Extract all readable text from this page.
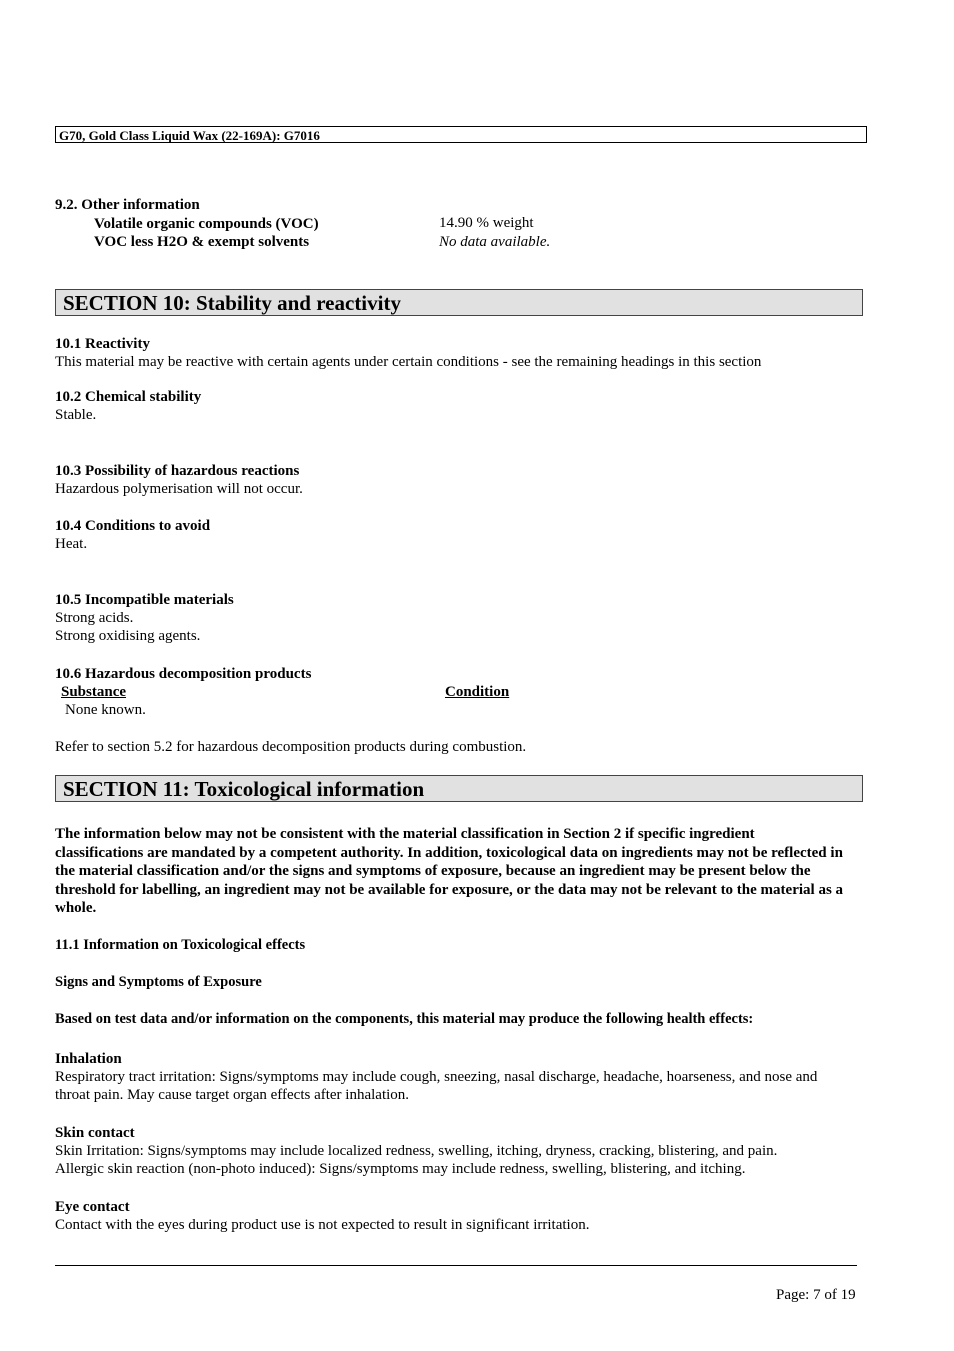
G70, Gold Class Liquid Wax (22-169A): G7016
9.2. Other information
Volatile organic compounds (VOC)	14.90 % weight
VOC less H2O & exempt solvents	No data available.
SECTION 10: Stability and reactivity
10.1 Reactivity
This material may be reactive with certain agents under certain conditions - see the remaining headings in this section
10.2 Chemical stability
Stable.
10.3 Possibility of hazardous reactions
Hazardous polymerisation will not occur.
10.4 Conditions to avoid
Heat.
10.5 Incompatible materials
Strong acids.
Strong oxidising agents.
10.6 Hazardous decomposition products
Substance	Condition
None known.
Refer to section 5.2 for hazardous decomposition products during combustion.
SECTION 11: Toxicological information
The information below may not be consistent with the material classification in Section 2 if specific ingredient classifications are mandated by a competent authority. In addition, toxicological data on ingredients may not be reflected in the material classification and/or the signs and symptoms of exposure, because an ingredient may be present below the threshold for labelling, an ingredient may not be available for exposure, or the data may not be relevant to the material as a whole.
11.1 Information on Toxicological effects
Signs and Symptoms of Exposure
Based on test data and/or information on the components, this material may produce the following health effects:
Inhalation
Respiratory tract irritation: Signs/symptoms may include cough, sneezing, nasal discharge, headache, hoarseness, and nose and throat pain. May cause target organ effects after inhalation.
Skin contact
Skin Irritation: Signs/symptoms may include localized redness, swelling, itching, dryness, cracking, blistering, and pain.
Allergic skin reaction (non-photo induced): Signs/symptoms may include redness, swelling, blistering, and itching.
Eye contact
Contact with the eyes during product use is not expected to result in significant irritation.
Page: 7 of 19
